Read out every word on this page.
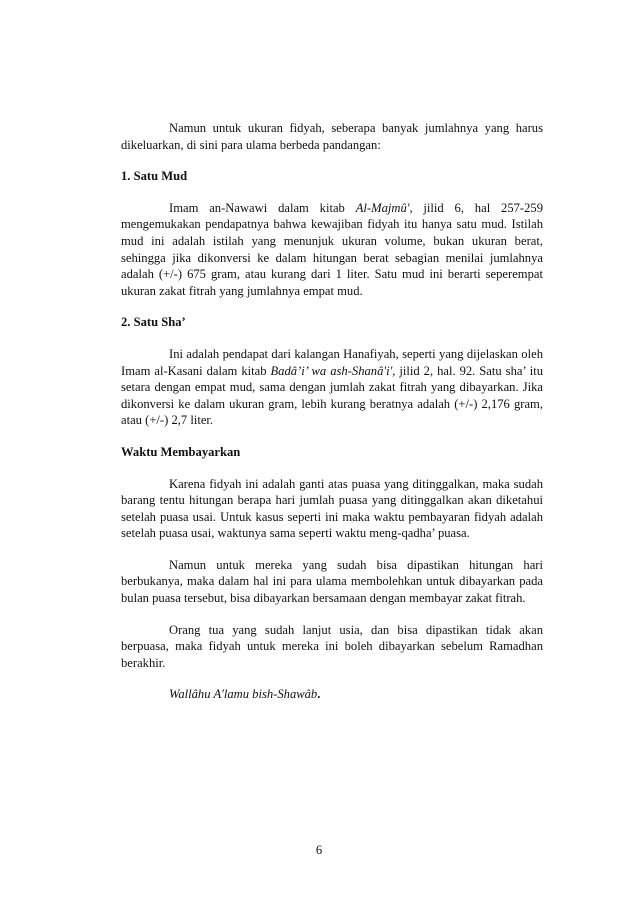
Namun untuk ukuran fidyah, seberapa banyak jumlahnya yang harus dikeluarkan, di sini para ulama berbeda pandangan:

1. Satu Mud

Imam an-Nawawi dalam kitab Al-Majmû', jilid 6, hal 257-259 mengemukakan pendapatnya bahwa kewajiban fidyah itu hanya satu mud. Istilah mud ini adalah istilah yang menunjuk ukuran volume, bukan ukuran berat, sehingga jika dikonversi ke dalam hitungan berat sebagian menilai jumlahnya adalah (+/-) 675 gram, atau kurang dari 1 liter. Satu mud ini berarti seperempat ukuran zakat fitrah yang jumlahnya empat mud.

2. Satu Sha’

Ini adalah pendapat dari kalangan Hanafiyah, seperti yang dijelaskan oleh Imam al-Kasani dalam kitab Badâ’i’ wa ash-Shanâ'i', jilid 2, hal. 92. Satu sha’ itu setara dengan empat mud, sama dengan jumlah zakat fitrah yang dibayarkan. Jika dikonversi ke dalam ukuran gram, lebih kurang beratnya adalah (+/-) 2,176 gram, atau (+/-) 2,7 liter.

Waktu Membayarkan

Karena fidyah ini adalah ganti atas puasa yang ditinggalkan, maka sudah barang tentu hitungan berapa hari jumlah puasa yang ditinggalkan akan diketahui setelah puasa usai. Untuk kasus seperti ini maka waktu pembayaran fidyah adalah setelah puasa usai, waktunya sama seperti waktu meng-qadha’ puasa.

Namun untuk mereka yang sudah bisa dipastikan hitungan hari berbukanya, maka dalam hal ini para ulama membolehkan untuk dibayarkan pada bulan puasa tersebut, bisa dibayarkan bersamaan dengan membayar zakat fitrah.

Orang tua yang sudah lanjut usia, dan bisa dipastikan tidak akan berpuasa, maka fidyah untuk mereka ini boleh dibayarkan sebelum Ramadhan berakhir.

Wallâhu A'lamu bish-Shawâb.

6
